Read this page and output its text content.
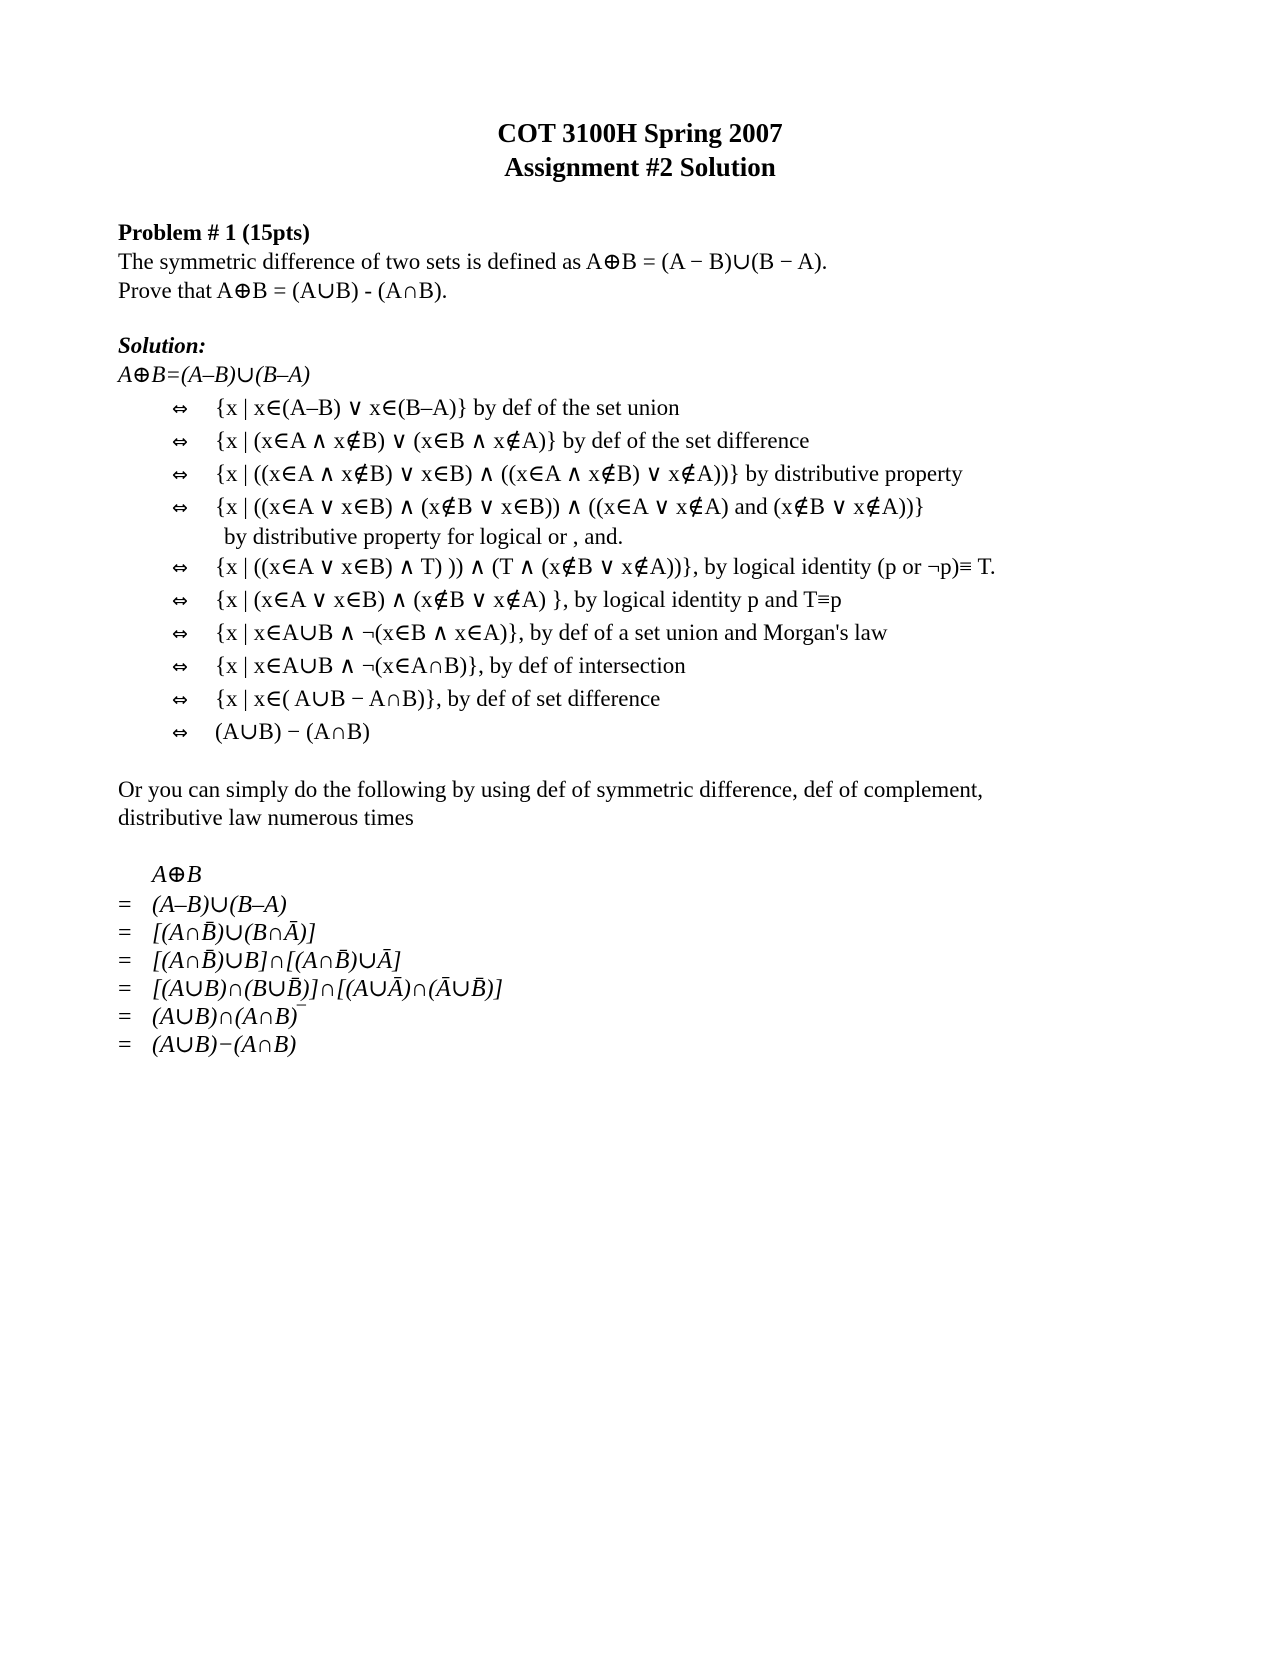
COT 3100H Spring 2007
Assignment #2 Solution
Problem # 1 (15pts)
The symmetric difference of two sets is defined as A⊕B = (A − B)∪(B − A).
Prove that A⊕B = (A∪B) - (A∩B).
Solution:
A⊕B=(A–B)∪(B–A)
⇔ {x | x∈(A–B) ∨ x∈(B–A)} by def of the set union
⇔ {x | (x∈A ∧ x∉B) ∨ (x∈B ∧ x∉A)} by def of the set difference
⇔ {x | ((x∈A ∧ x∉B) ∨ x∈B) ∧ ((x∈A ∧ x∉B) ∨ x∉A))} by distributive property
⇔ {x | ((x∈A ∨ x∈B) ∧ (x∉B ∨ x∈B)) ∧ ((x∈A ∨ x∉A) and (x∉B ∨ x∉A))}
by distributive property for logical or , and.
⇔ {x | ((x∈A ∨ x∈B) ∧ T) )) ∧ (T ∧ (x∉B ∨ x∉A))}, by logical identity (p or ¬p)≡ T.
⇔ {x | (x∈A ∨ x∈B) ∧ (x∉B ∨ x∉A) }, by logical identity p and T≡p
⇔ {x | x∈A∪B ∧ ¬(x∈B ∧ x∈A)}, by def of a set union and Morgan's law
⇔ {x | x∈A∪B ∧ ¬(x∈A∩B)}, by def of intersection
⇔ {x | x∈( A∪B − A∩B)}, by def of set difference
⇔ (A∪B) − (A∩B)
Or you can simply do the following by using def of symmetric difference, def of complement,
distributive law numerous times
A⊕B
= (A–B)∪(B–A)
= [(A∩B̄)∪(B∩Ā)]
= [(A∩B̄)∪B]∩[(A∩B̄)∪Ā]
= [(A∪B)∩(B∪B̄)]∩[(A∪Ā)∩(Ā∪B̄)]
= (A∪B)∩(A∩B)‾
= (A∪B)−(A∩B)
